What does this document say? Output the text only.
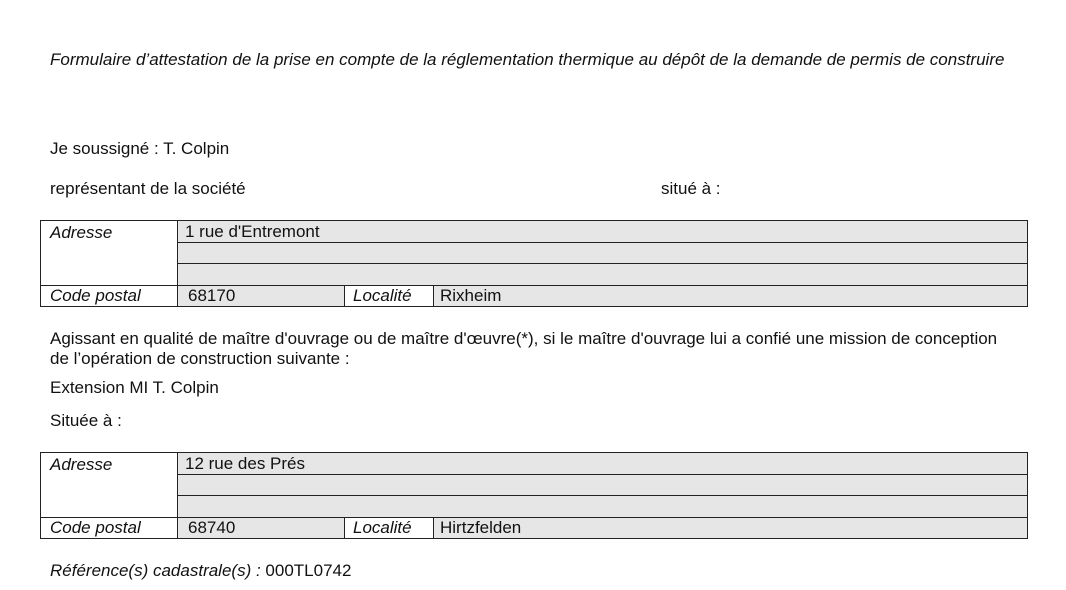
Formulaire d’attestation de la prise en compte de la réglementation thermique au dépôt de la demande de permis de construire
Je soussigné : T. Colpin
représentant de la société	situé à :
Adresse	1 rue d'Entremont
Code postal	68170	Localité Rixheim
Agissant en qualité de maître d'ouvrage ou de maître d'œuvre(*), si le maître d'ouvrage lui a confié une mission de conception de l’opération de construction suivante :
Extension MI T. Colpin
Située à :
Adresse	12 rue des Prés
Code postal	68740	Localité Hirtzfelden
Référence(s) cadastrale(s) : 000TL0742
